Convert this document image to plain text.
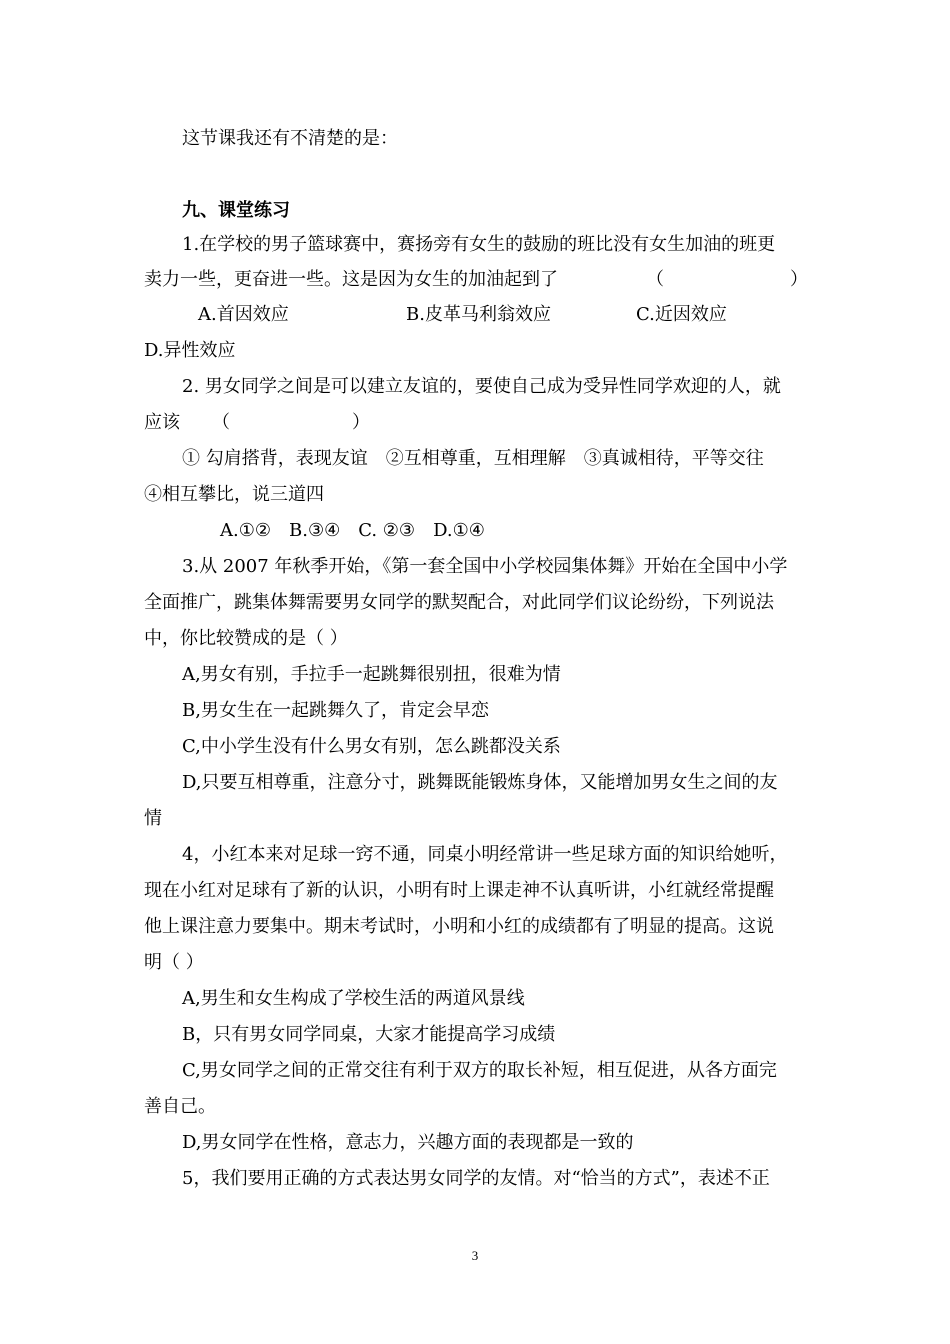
这节课我还有不清楚的是：
九、课堂练习
1.在学校的男子篮球赛中，赛扬旁有女生的鼓励的班比没有女生加油的班更
卖力一些，更奋进一些。这是因为女生的加油起到了	（	）
A.首因效应	B.皮革马利翁效应	C.近因效应
D.异性效应
2. 男女同学之间是可以建立友谊的，要使自己成为受异性同学欢迎的人，就
应该 （	）
① 勾肩搭背，表现友谊　②互相尊重，互相理解　③真诚相待，平等交往
④相互攀比，说三道四
A.①②　B.③④　C. ②③　D.①④
3.从 2007 年秋季开始，《第一套全国中小学校园集体舞》开始在全国中小学
全面推广，跳集体舞需要男女同学的默契配合，对此同学们议论纷纷，下列说法
中，你比较赞成的是（ ）
A,男女有别，手拉手一起跳舞很别扭，很难为情
B,男女生在一起跳舞久了，肯定会早恋
C,中小学生没有什么男女有别，怎么跳都没关系
D,只要互相尊重，注意分寸，跳舞既能锻炼身体，又能增加男女生之间的友
情
4，小红本来对足球一窍不通，同桌小明经常讲一些足球方面的知识给她听，
现在小红对足球有了新的认识，小明有时上课走神不认真听讲，小红就经常提醒
他上课注意力要集中。期末考试时，小明和小红的成绩都有了明显的提高。这说
明（ ）
A,男生和女生构成了学校生活的两道风景线
B，只有男女同学同桌，大家才能提高学习成绩
C,男女同学之间的正常交往有利于双方的取长补短，相互促进，从各方面完
善自己。
D,男女同学在性格，意志力，兴趣方面的表现都是一致的
5，我们要用正确的方式表达男女同学的友情。对“恰当的方式”，表述不正
3
